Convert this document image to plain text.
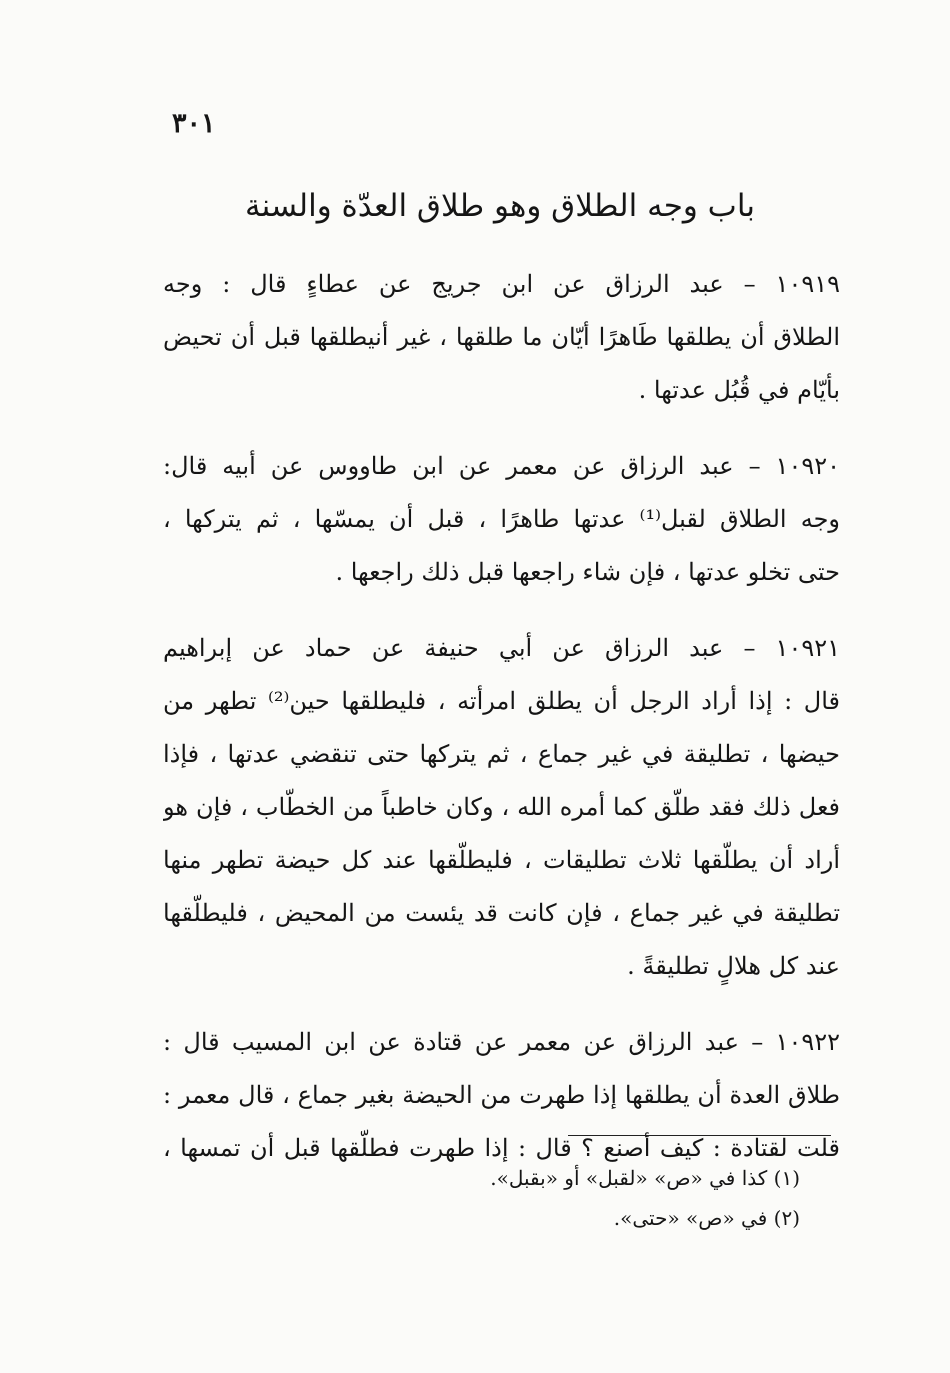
٣٠١
باب وجه الطلاق وهو طلاق العدّة والسنة
١٠٩١٩ – عبد الرزاق عن ابن جريج عن عطاءٍ قال : وجه
الطلاق أن يطلقها طَاهرًا أيّان ما طلقها ، غير أنيطلقها قبل أن تحيض
بأيّام في قُبُل عدتها .
١٠٩٢٠ – عبد الرزاق عن معمر عن ابن طاووس عن أبيه قال:
وجه الطلاق لقبل⁽¹⁾ عدتها طاهرًا ، قبل أن يمسّها ، ثم يتركها ،
حتى تخلو عدتها ، فإن شاء راجعها قبل ذلك راجعها .
١٠٩٢١ – عبد الرزاق عن أبي حنيفة عن حماد عن إبراهيم
قال : إذا أراد الرجل أن يطلق امرأته ، فليطلقها حين⁽²⁾ تطهر من
حيضها ، تطليقة في غير جماع ، ثم يتركها حتى تنقضي عدتها ، فإذا
فعل ذلك فقد طلّق كما أمره الله ، وكان خاطباً من الخطّاب ، فإن هو
أراد أن يطلّقها ثلاث تطليقات ، فليطلّقها عند كل حيضة تطهر منها
تطليقة في غير جماع ، فإن كانت قد يئست من المحيض ، فليطلّقها
عند كل هلالٍ تطليقةً .
١٠٩٢٢ – عبد الرزاق عن معمر عن قتادة عن ابن المسيب قال :
طلاق العدة أن يطلقها إذا طهرت من الحيضة بغير جماع ، قال معمر :
قلت لقتادة : كيف أصنع ؟ قال : إذا طهرت فطلّقها قبل أن تمسها ،
(١) كذا في «ص» «لقبل» أو «بقبل».
(٢) في «ص» «حتى».
